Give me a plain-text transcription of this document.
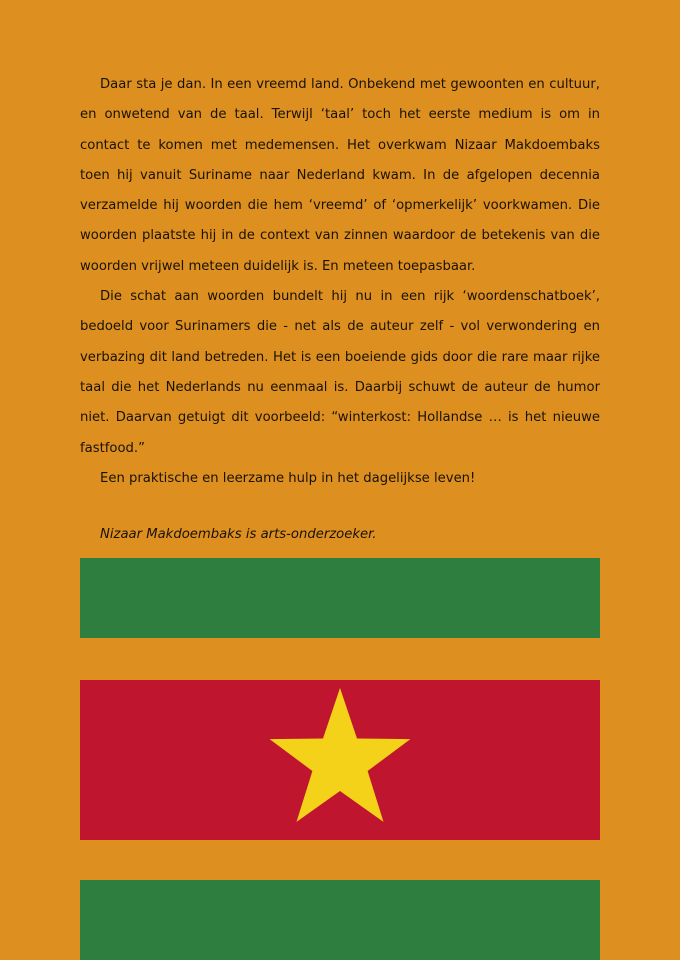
Daar sta je dan. In een vreemd land. Onbekend met gewoonten en cultuur, en onwetend van de taal. Terwijl ‘taal’ toch het eerste medium is om in contact te komen met medemensen. Het overkwam Nizaar Makdoembaks toen hij vanuit Suriname naar Nederland kwam. In de afgelopen decennia verzamelde hij woorden die hem ‘vreemd’ of ‘opmerkelijk’ voorkwamen. Die woorden plaatste hij in de context van zinnen waardoor de betekenis van die woorden vrijwel meteen duidelijk is. En meteen toepasbaar.

Die schat aan woorden bundelt hij nu in een rijk ‘woordenschatboek’, bedoeld voor Surinamers die - net als de auteur zelf - vol verwondering en verbazing dit land betreden. Het is een boeiende gids door die rare maar rijke taal die het Nederlands nu eenmaal is. Daarbij schuwt de auteur de humor niet. Daarvan getuigt dit voorbeeld: “winterkost: Hollandse … is het nieuwe fastfood.”

Een praktische en leerzame hulp in het dagelijkse leven!

Nizaar Makdoembaks is arts-onderzoeker.
